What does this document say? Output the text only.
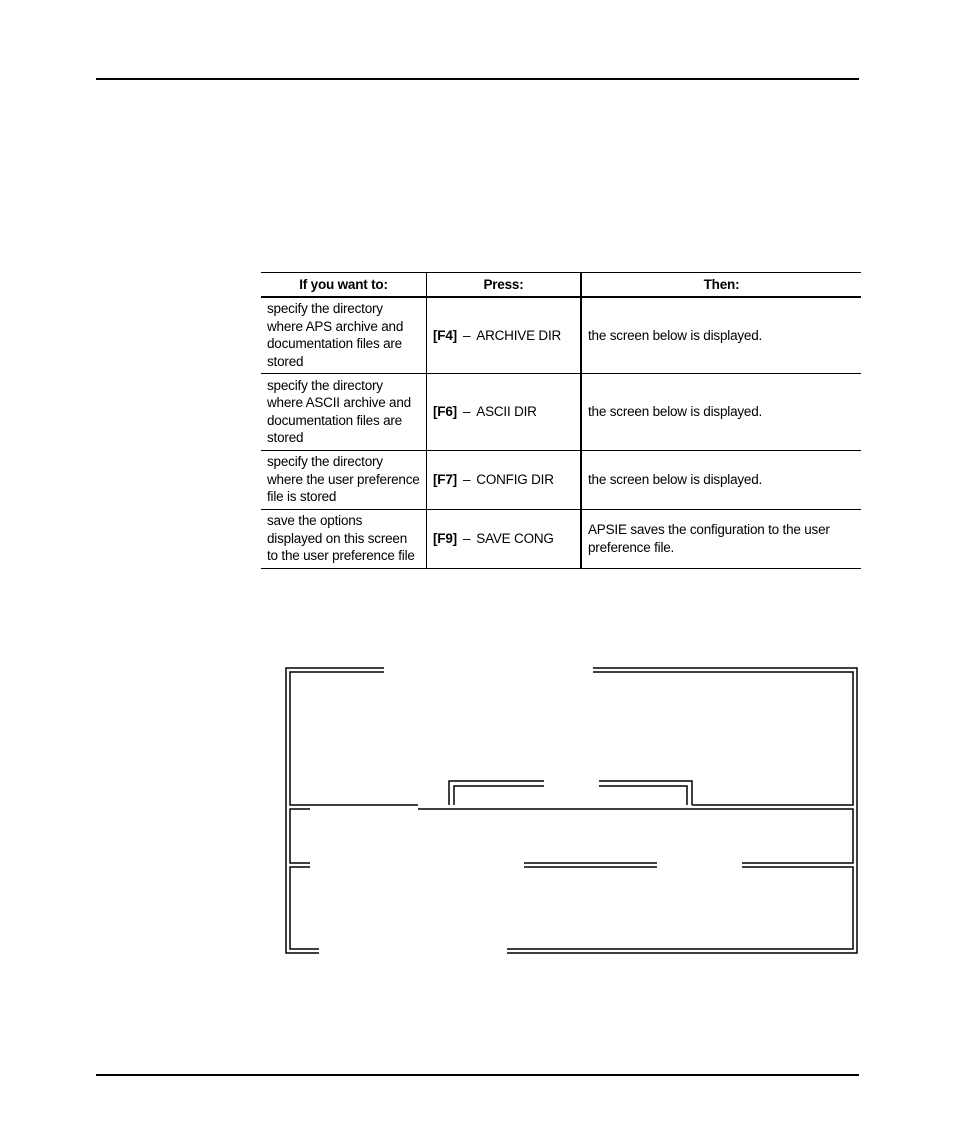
If you want to:	Press:	Then:
specify the directory where APS archive and documentation files are stored	[F4] – ARCHIVE DIR	the screen below is displayed.
specify the directory where ASCII archive and documentation files are stored	[F6] – ASCII DIR	the screen below is displayed.
specify the directory where the user preference file is stored	[F7] – CONFIG DIR	the screen below is displayed.
save the options displayed on this screen to the user preference file	[F9] – SAVE CONG	APSIE saves the configuration to the user preference file.
